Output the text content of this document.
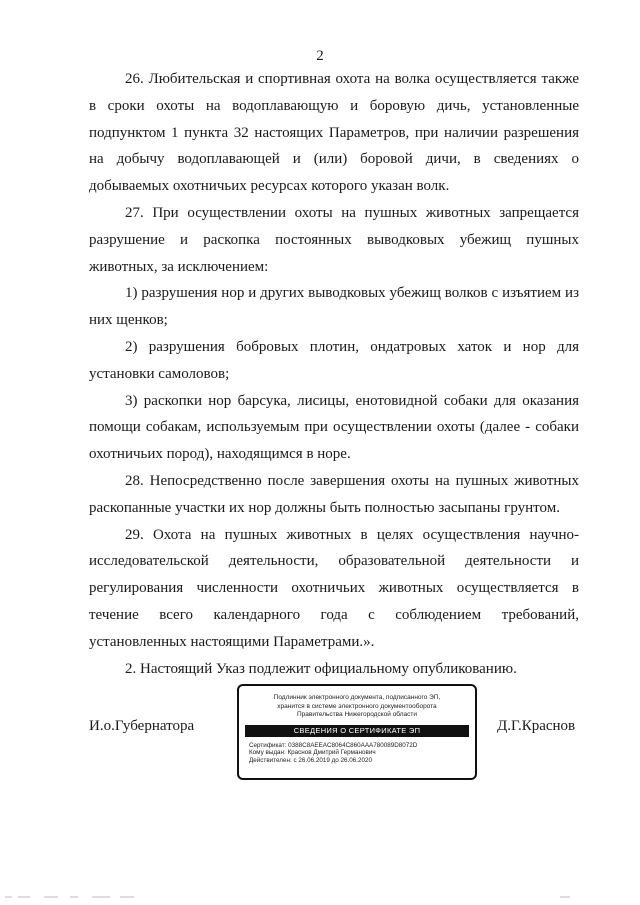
2

26. Любительская и спортивная охота на волка осуществляется также в сроки охоты на водоплавающую и боровую дичь, установленные подпунктом 1 пункта 32 настоящих Параметров, при наличии разрешения на добычу водоплавающей и (или) боровой дичи, в сведениях о добываемых охотничьих ресурсах которого указан волк.

27. При осуществлении охоты на пушных животных запрещается разрушение и раскопка постоянных выводковых убежищ пушных животных, за исключением:

1) разрушения нор и других выводковых убежищ волков с изъятием из них щенков;

2) разрушения бобровых плотин, ондатровых хаток и нор для установки самоловов;

3) раскопки нор барсука, лисицы, енотовидной собаки для оказания помощи собакам, используемым при осуществлении охоты (далее - собаки охотничьих пород), находящимся в норе.

28. Непосредственно после завершения охоты на пушных животных раскопанные участки их нор должны быть полностью засыпаны грунтом.

29. Охота на пушных животных в целях осуществления научно-исследовательской деятельности, образовательной деятельности и регулирования численности охотничьих животных осуществляется в течение всего календарного года с соблюдением требований, установленных настоящими Параметрами.».

2. Настоящий Указ подлежит официальному опубликованию.

И.о.Губернатора
Подлинник электронного документа, подписанного ЭП,
хранится в системе электронного документооборота
Правительства Нижегородской области
СВЕДЕНИЯ О СЕРТИФИКАТЕ ЭП
Сертификат: 0388C8AEEAC8064C860AAA780089D8072D
Кому выдан: Краснов Дмитрий Германович
Действителен: с 26.06.2019 до 26.06.2020
Д.Г.Краснов
